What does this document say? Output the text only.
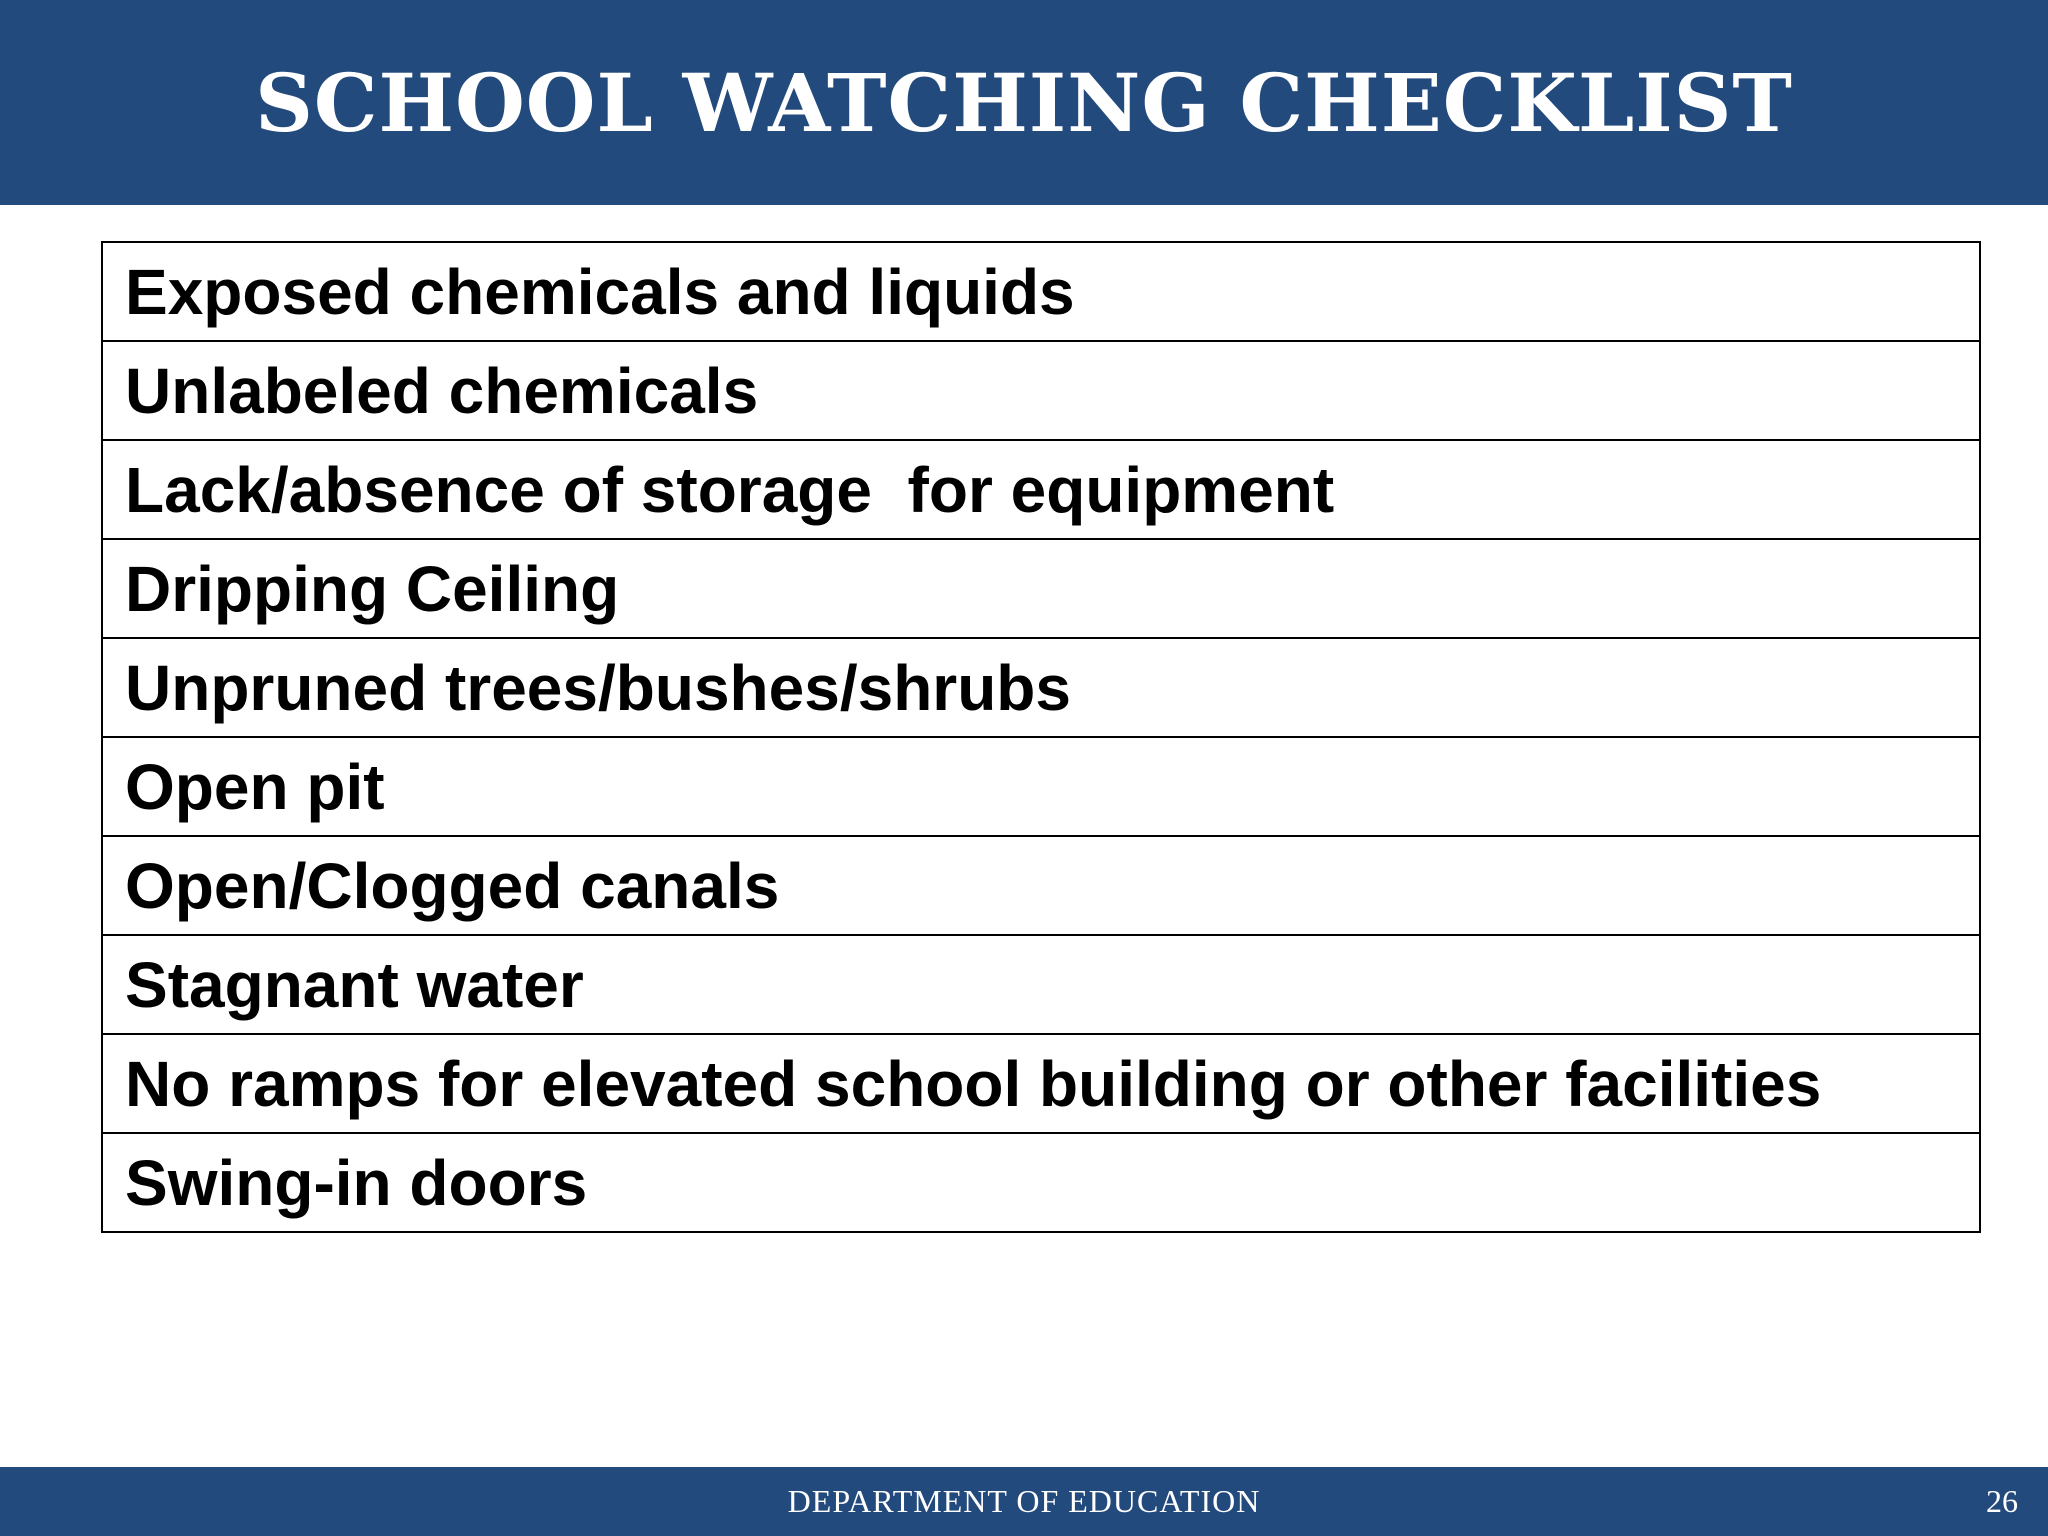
SCHOOL WATCHING CHECKLIST
Exposed chemicals and liquids
Unlabeled chemicals
Lack/absence of storage  for equipment
Dripping Ceiling
Unpruned trees/bushes/shrubs
Open pit
Open/Clogged canals
Stagnant water
No ramps for elevated school building or other facilities
Swing-in doors
DEPARTMENT OF EDUCATION	26
